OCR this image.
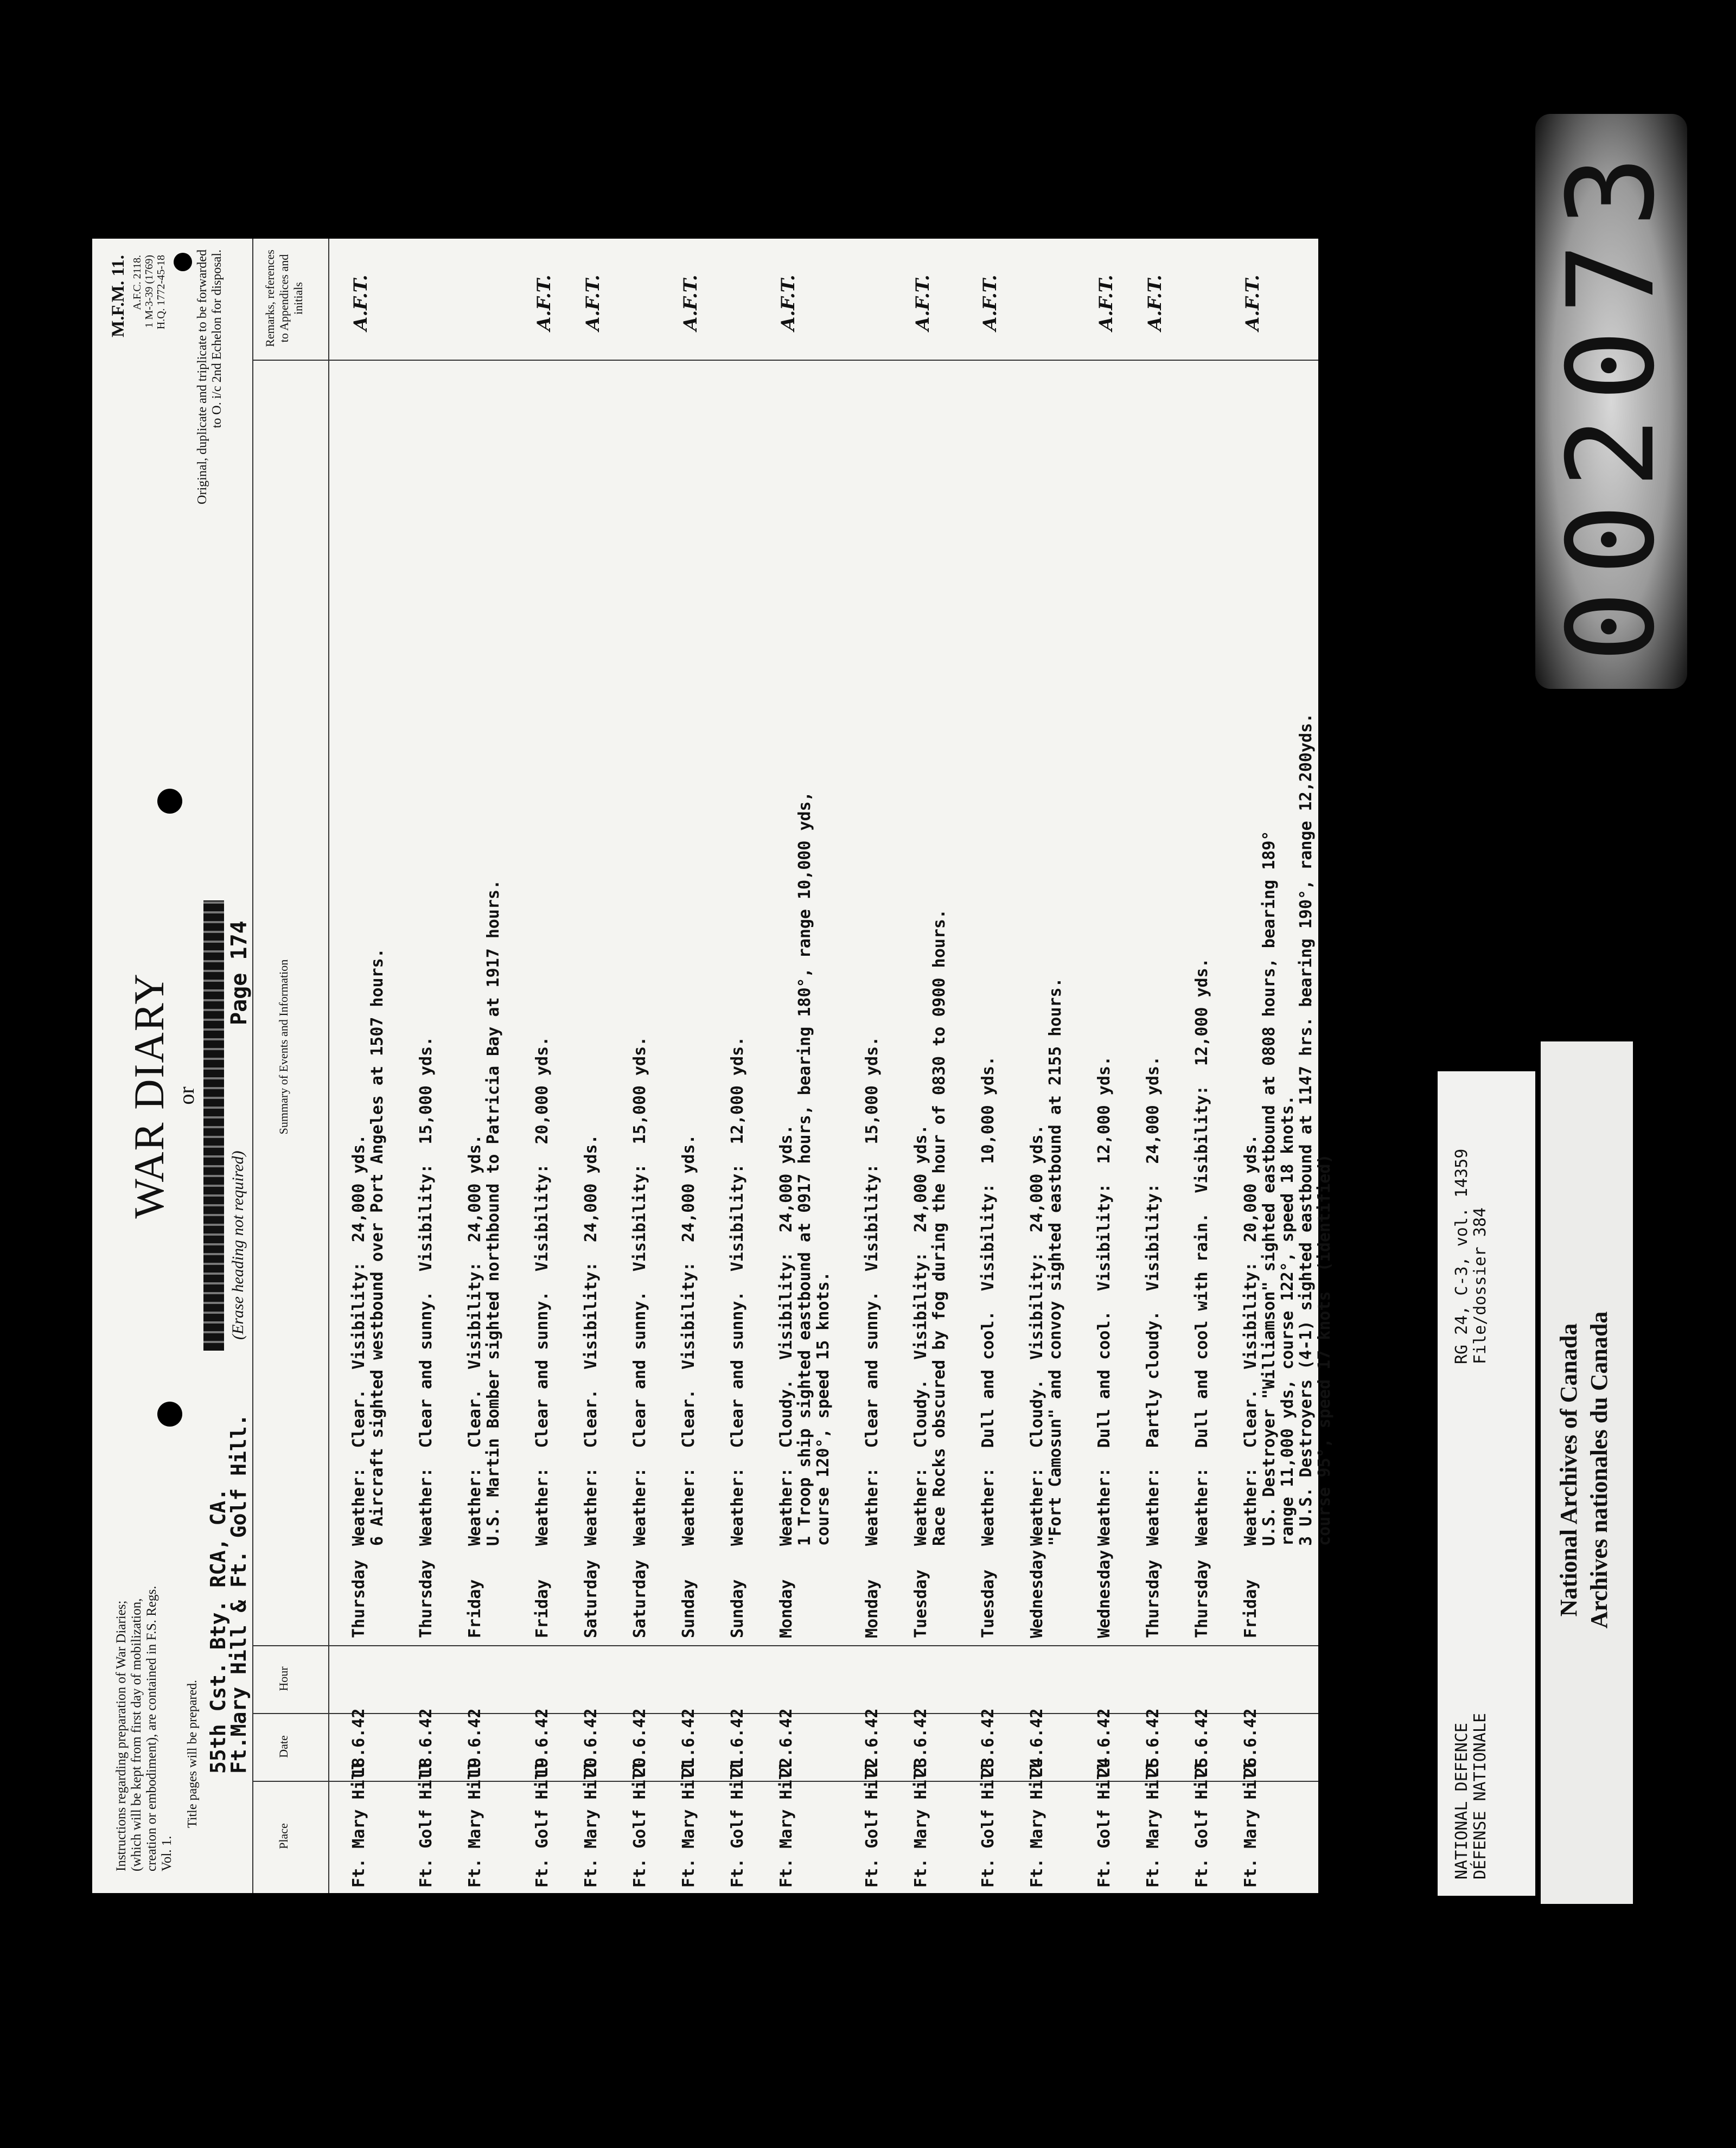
Instructions regarding preparation of War Diaries; (which will be kept from first day of mobilization, creation or embodiment), are contained in F.S. Regs. Vol. 1.
Title pages will be prepared. 55th Cst. Bty. RCA, CA.
Ft.Mary Hill & Ft. Golf Hill.
WAR DIARY or
(Erase heading not required)
Page 174
M.F.M. 11. A.F.C. 2118. 1 M-3-39 (1769) H.Q. 1772-45-18 Original, duplicate and triplicate to be forwarded to O. i/c 2nd Echelon for disposal.
Place
Date
Hour
Summary of Events and Information
Remarks, references to Appendices and initials
Ft. Mary Hill
18.6.42
Thursday
Weather:  Clear.  Visibility:  24,000 yds.
6 Aircraft sighted westbound over Port Angeles at 1507 hours.
A.F.T.
Ft. Golf Hill
18.6.42
Thursday
Weather:  Clear and sunny.  Visibility:  15,000 yds.
Ft. Mary Hill
19.6.42
Friday
Weather:  Clear.  Visibility:  24,000 yds.
U.S. Martin Bomber sighted northbound to Patricia Bay at 1917 hours.
Ft. Golf Hill
19.6.42
Friday
Weather:  Clear and sunny.  Visibility:  20,000 yds.
A.F.T.
Ft. Mary Hill
20.6.42
Saturday
Weather:  Clear.  Visibility:  24,000 yds.
A.F.T.
Ft. Golf Hill
20.6.42
Saturday
Weather:  Clear and sunny.  Visibility:  15,000 yds.
Ft. Mary Hill
21.6.42
Sunday
Weather:  Clear.  Visibility:  24,000 yds.
A.F.T.
Ft. Golf Hill
21.6.42
Sunday
Weather:  Clear and sunny.  Visibility:  12,000 yds.
Ft. Mary Hill
22.6.42
Monday
Weather:  Cloudy.  Visibility:  24,000 yds.
1 Troop ship sighted eastbound at 0917 hours, bearing 180°, range 10,000 yds,
course 120°, speed 15 knots.
A.F.T.
Ft. Golf Hill
22.6.42
Monday
Weather:  Clear and sunny.  Visibility:  15,000 yds.
Ft. Mary Hill
23.6.42
Tuesday
Weather:  Cloudy.  Visibility:  24,000 yds.
Race Rocks obscured by fog during the hour of 0830 to 0900 hours.
A.F.T.
Ft. Golf Hill
23.6.42
Tuesday
Weather:  Dull and cool.  Visibility:  10,000 yds.
A.F.T.
Ft. Mary Hill
24.6.42
Wednesday
Weather:  Cloudy.  Visibility:  24,000 yds.
"Fort Camosun" and convoy sighted eastbound at 2155 hours.
Ft. Golf Hill
24.6.42
Wednesday
Weather:  Dull and cool.  Visibility:  12,000 yds.
A.F.T.
Ft. Mary Hill
25.6.42
Thursday
Weather:  Partly cloudy.  Visibility:  24,000 yds.
A.F.T.
Ft. Golf Hill
25.6.42
Thursday
Weather:  Dull and cool with rain.  Visibility:  12,000 yds.
Ft. Mary Hill
26.6.42
Friday
Weather:  Clear.  Visibility:  20,000 yds.
U.S. Destroyer "Williamson" sighted eastbound at 0808 hours, bearing 189°
range 11,000 yds, course 122°, speed 18 knots.
3 U.S. Destroyers (4-1) sighted eastbound at 1147 hrs. bearing 190°, range 12,200yds.
course 95°, speed 17 knots  (identified)
A.F.T. 002073
NATIONAL DEFENCE DÉFENSE NATIONALE
RG 24, C-3, vol. 14359 File/dossier 384
National Archives of Canada Archives nationales du Canada
